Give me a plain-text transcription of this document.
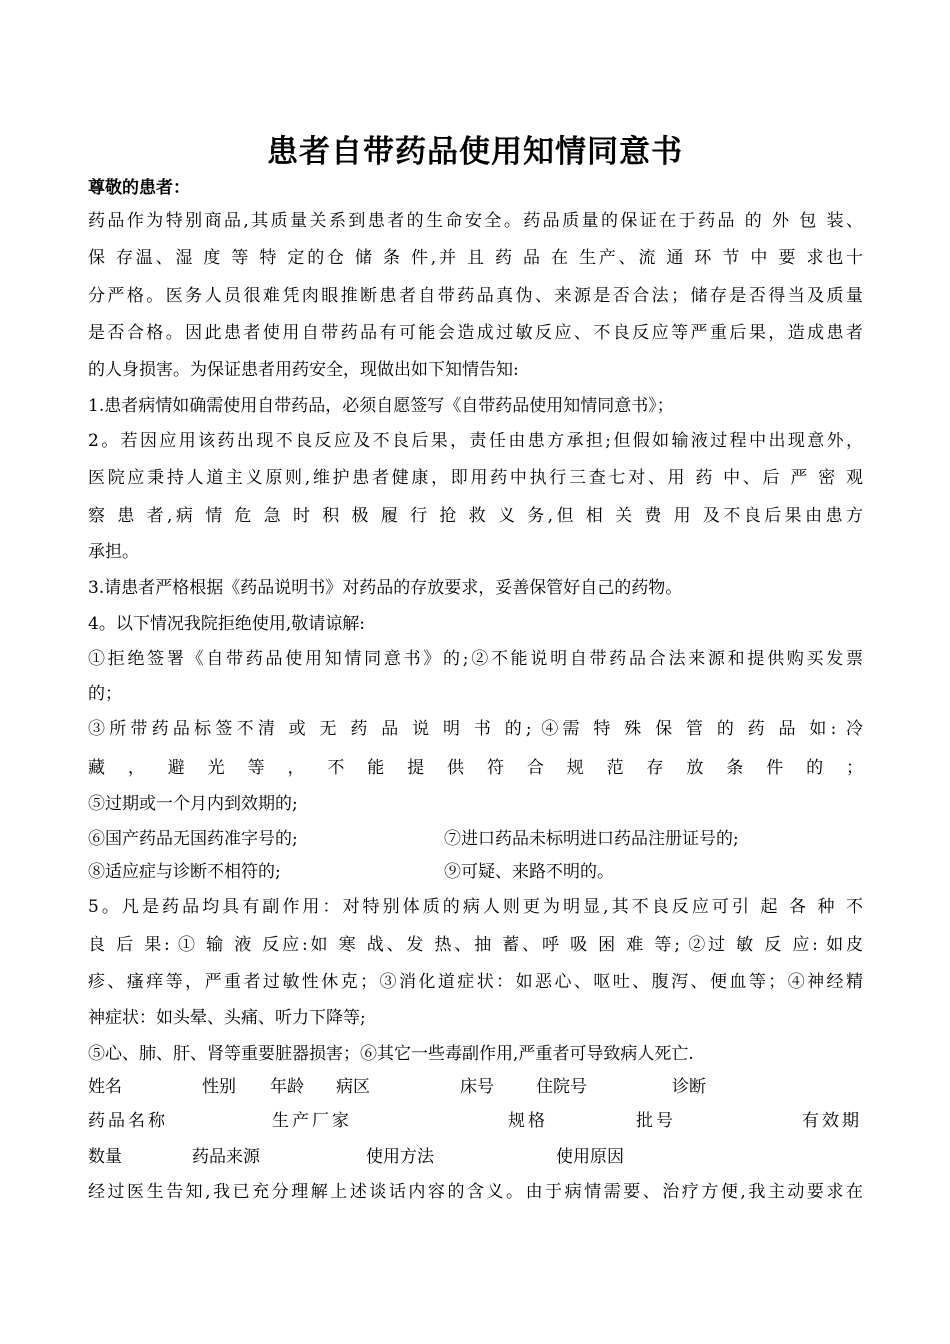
患者自带药品使用知情同意书
尊敬的患者：
药品作为特别商品,其质量关系到患者的生命安全。药品质量的保证在于药品 的 外 包 装、
保 存温、湿 度 等 特 定的仓 储 条 件,并 且 药 品 在 生产、流 通 环 节 中 要 求也十
分严格。医务人员很难凭肉眼推断患者自带药品真伪、来源是否合法；储存是否得当及质量
是否合格。因此患者使用自带药品有可能会造成过敏反应、不良反应等严重后果，造成患者
的人身损害。为保证患者用药安全，现做出如下知情告知:
1.患者病情如确需使用自带药品，必须自愿签写《自带药品使用知情同意书》；
2。若因应用该药出现不良反应及不良后果，责任由患方承担;但假如输液过程中出现意外，
医院应秉持人道主义原则,维护患者健康，即用药中执行三查七对、用 药 中、后 严 密 观
察 患 者,病 情 危 急 时 积 极 履 行 抢 救 义 务,但 相 关 费 用 及不良后果由患方
承担。
3.请患者严格根据《药品说明书》对药品的存放要求，妥善保管好自己的药物。
4。以下情况我院拒绝使用,敬请谅解:
①拒绝签署《自带药品使用知情同意书》的;②不能说明自带药品合法来源和提供购买发票
的；
③所带药品标签不清 或 无 药 品 说 明 书 的; ④需 特 殊 保 管 的 药 品 如: 冷
藏 ， 避 光 等 ， 不 能 提 供 符 合 规 范 存 放 条 件 的 ；
⑤过期或一个月内到效期的;
⑥国产药品无国药准字号的;	⑦进口药品未标明进口药品注册证号的;
⑧适应症与诊断不相符的;	⑨可疑、来路不明的。
5。凡是药品均具有副作用：对特别体质的病人则更为明显,其不良反应可引 起 各 种 不
良 后 果: ① 输 液 反应:如 寒 战、发 热、抽 蓄、呼 吸 困 难 等; ②过 敏 反 应: 如皮
疹、瘙痒等，严重者过敏性休克；③消化道症状：如恶心、呕吐、腹泻、便血等；④神经精
神症状：如头晕、头痛、听力下降等;
⑤心、肺、肝、肾等重要脏器损害；⑥其它一些毒副作用,严重者可导致病人死亡.
姓名	性别 年龄 病区	床号 住院号	诊断
药品名称	生产厂家	规格	批号	有效期
数量	药品来源	使用方法	使用原因
经过医生告知,我已充分理解上述谈话内容的含义。由于病情需要、治疗方便,我主动要求在
